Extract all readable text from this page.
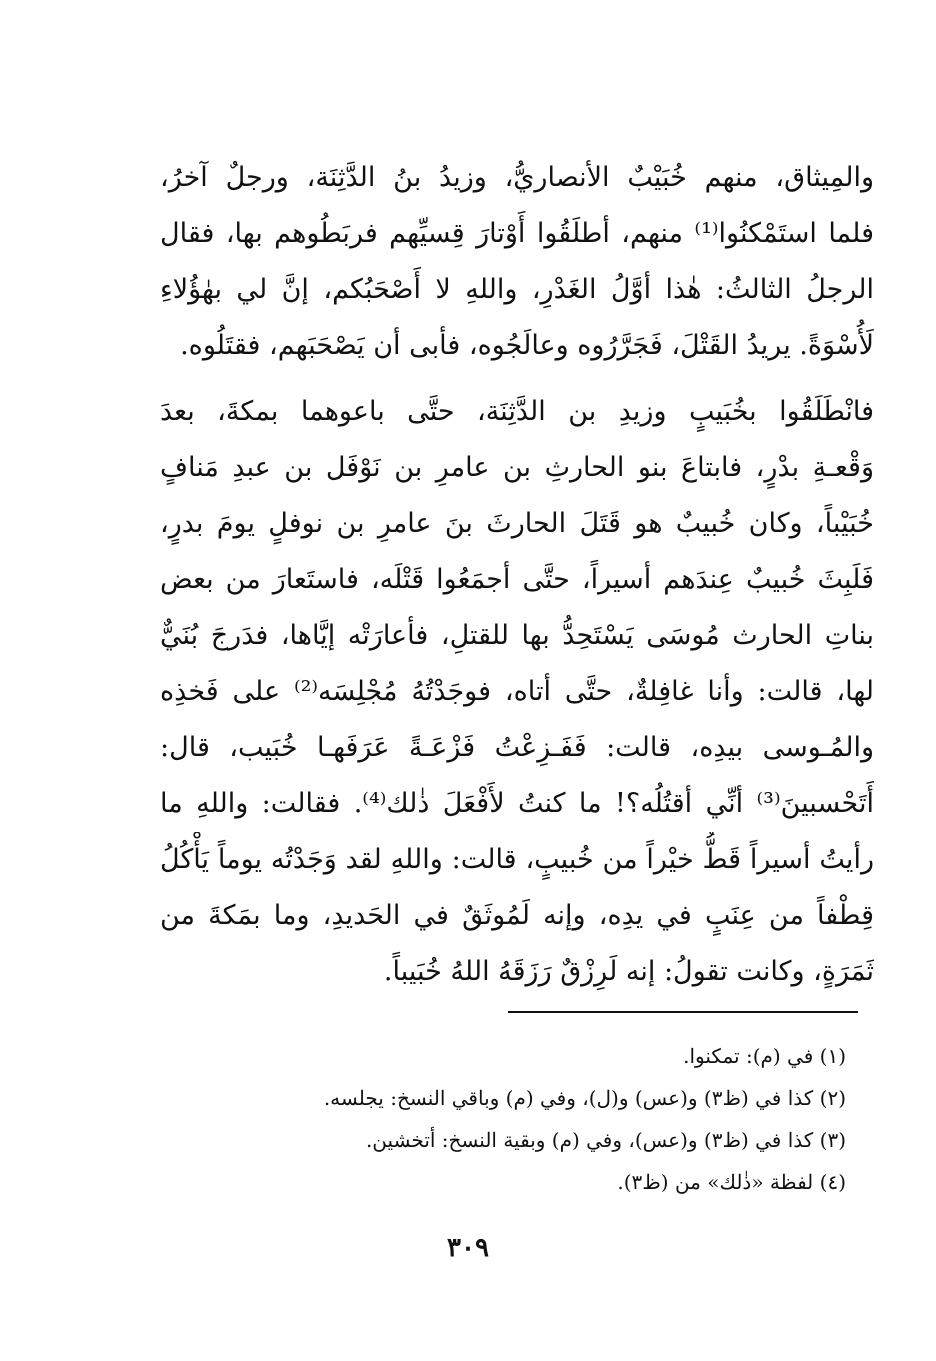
والمِيثاق، منهم خُبَيْبٌ الأنصاريُّ، وزيدُ بنُ الدَّثِنَة، ورجلٌ آخرُ،
فلما استَمْكنُوا⁽¹⁾ منهم، أطلَقُوا أَوْتارَ قِسيِّهم فربَطُوهم بها، فقال
الرجلُ الثالثُ: هٰذا أوَّلُ الغَدْرِ، واللهِ لا أَصْحَبُكم، إنَّ لي بهٰؤُلاءِ
لَأُسْوَةً. يريدُ القَتْلَ، فَجَرَّرُوه وعالَجُوه، فأبى أن يَصْحَبَهم، فقتَلُوه.
فانْطَلَقُوا بخُبَيبٍ وزيدِ بن الدَّثِنَة، حتَّى باعوهما بمكةَ، بعدَ
وَقْعـةِ بدْرٍ، فابتاعَ بنو الحارثِ بن عامرِ بن نَوْفَل بن عبدِ مَنافٍ
خُبَيْباً، وكان خُبيبٌ هو قَتَلَ الحارثَ بنَ عامرِ بن نوفلٍ يومَ بدرٍ،
فَلَبِثَ خُبيبٌ عِندَهم أسيراً، حتَّى أجمَعُوا قَتْلَه، فاستَعارَ من بعض
بناتِ الحارث مُوسَى يَسْتَحِدُّ بها للقتلِ، فأعارَتْه إيَّاها، فدَرجَ بُنَيٌّ
لها، قالت: وأنا غافِلةٌ، حتَّى أتاه، فوجَدْتُهُ مُجْلِسَه⁽²⁾ على فَخذِه
والمُـوسى بيدِه، قالت: فَفَـزِعْتُ فَزْعَـةً عَرَفَهـا خُبَيب، قال:
أَتَحْسبينَ⁽³⁾ أنِّي أقتُلُه؟! ما كنتُ لأَفْعَلَ ذٰلك⁽⁴⁾. فقالت: واللهِ ما
رأيتُ أسيراً قَطُّ خيْراً من خُبيبٍ، قالت: واللهِ لقد وَجَدْتُه يوماً يَأْكُلُ
قِطْفاً من عِنَبٍ في يدِه، وإنه لَمُوثَقٌ في الحَديدِ، وما بمَكةَ من
ثَمَرَةٍ، وكانت تقولُ: إنه لَرِزْقٌ رَزَقَهُ اللهُ خُبَيباً.
(١) في (م): تمكنوا.
(٢) كذا في (ظ٣) و(عس) و(ل)، وفي (م) وباقي النسخ: يجلسه.
(٣) كذا في (ظ٣) و(عس)، وفي (م) وبقية النسخ: أتخشين.
(٤) لفظة «ذٰلك» من (ظ٣).
٣٠٩
